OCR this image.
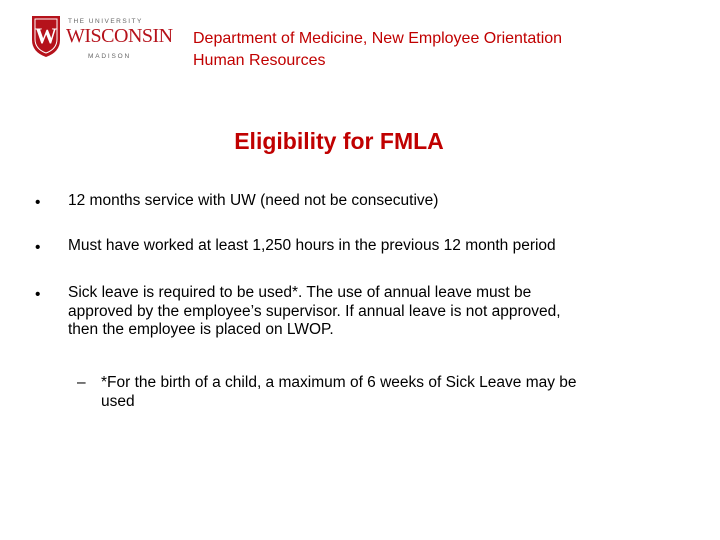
W
THE UNIVERSITY
WISCONSIN
MADISON
Department of Medicine, New Employee Orientation
Human Resources
Eligibility for FMLA
• 12 months service with UW (need not be consecutive)
• Must have worked at least 1,250 hours in the previous 12 month period
• Sick leave is required to be used*. The use of annual leave must be
approved by the employee’s supervisor. If annual leave is not approved,
then the employee is placed on LWOP.
– *For the birth of a child, a maximum of 6 weeks of Sick Leave may be
used
